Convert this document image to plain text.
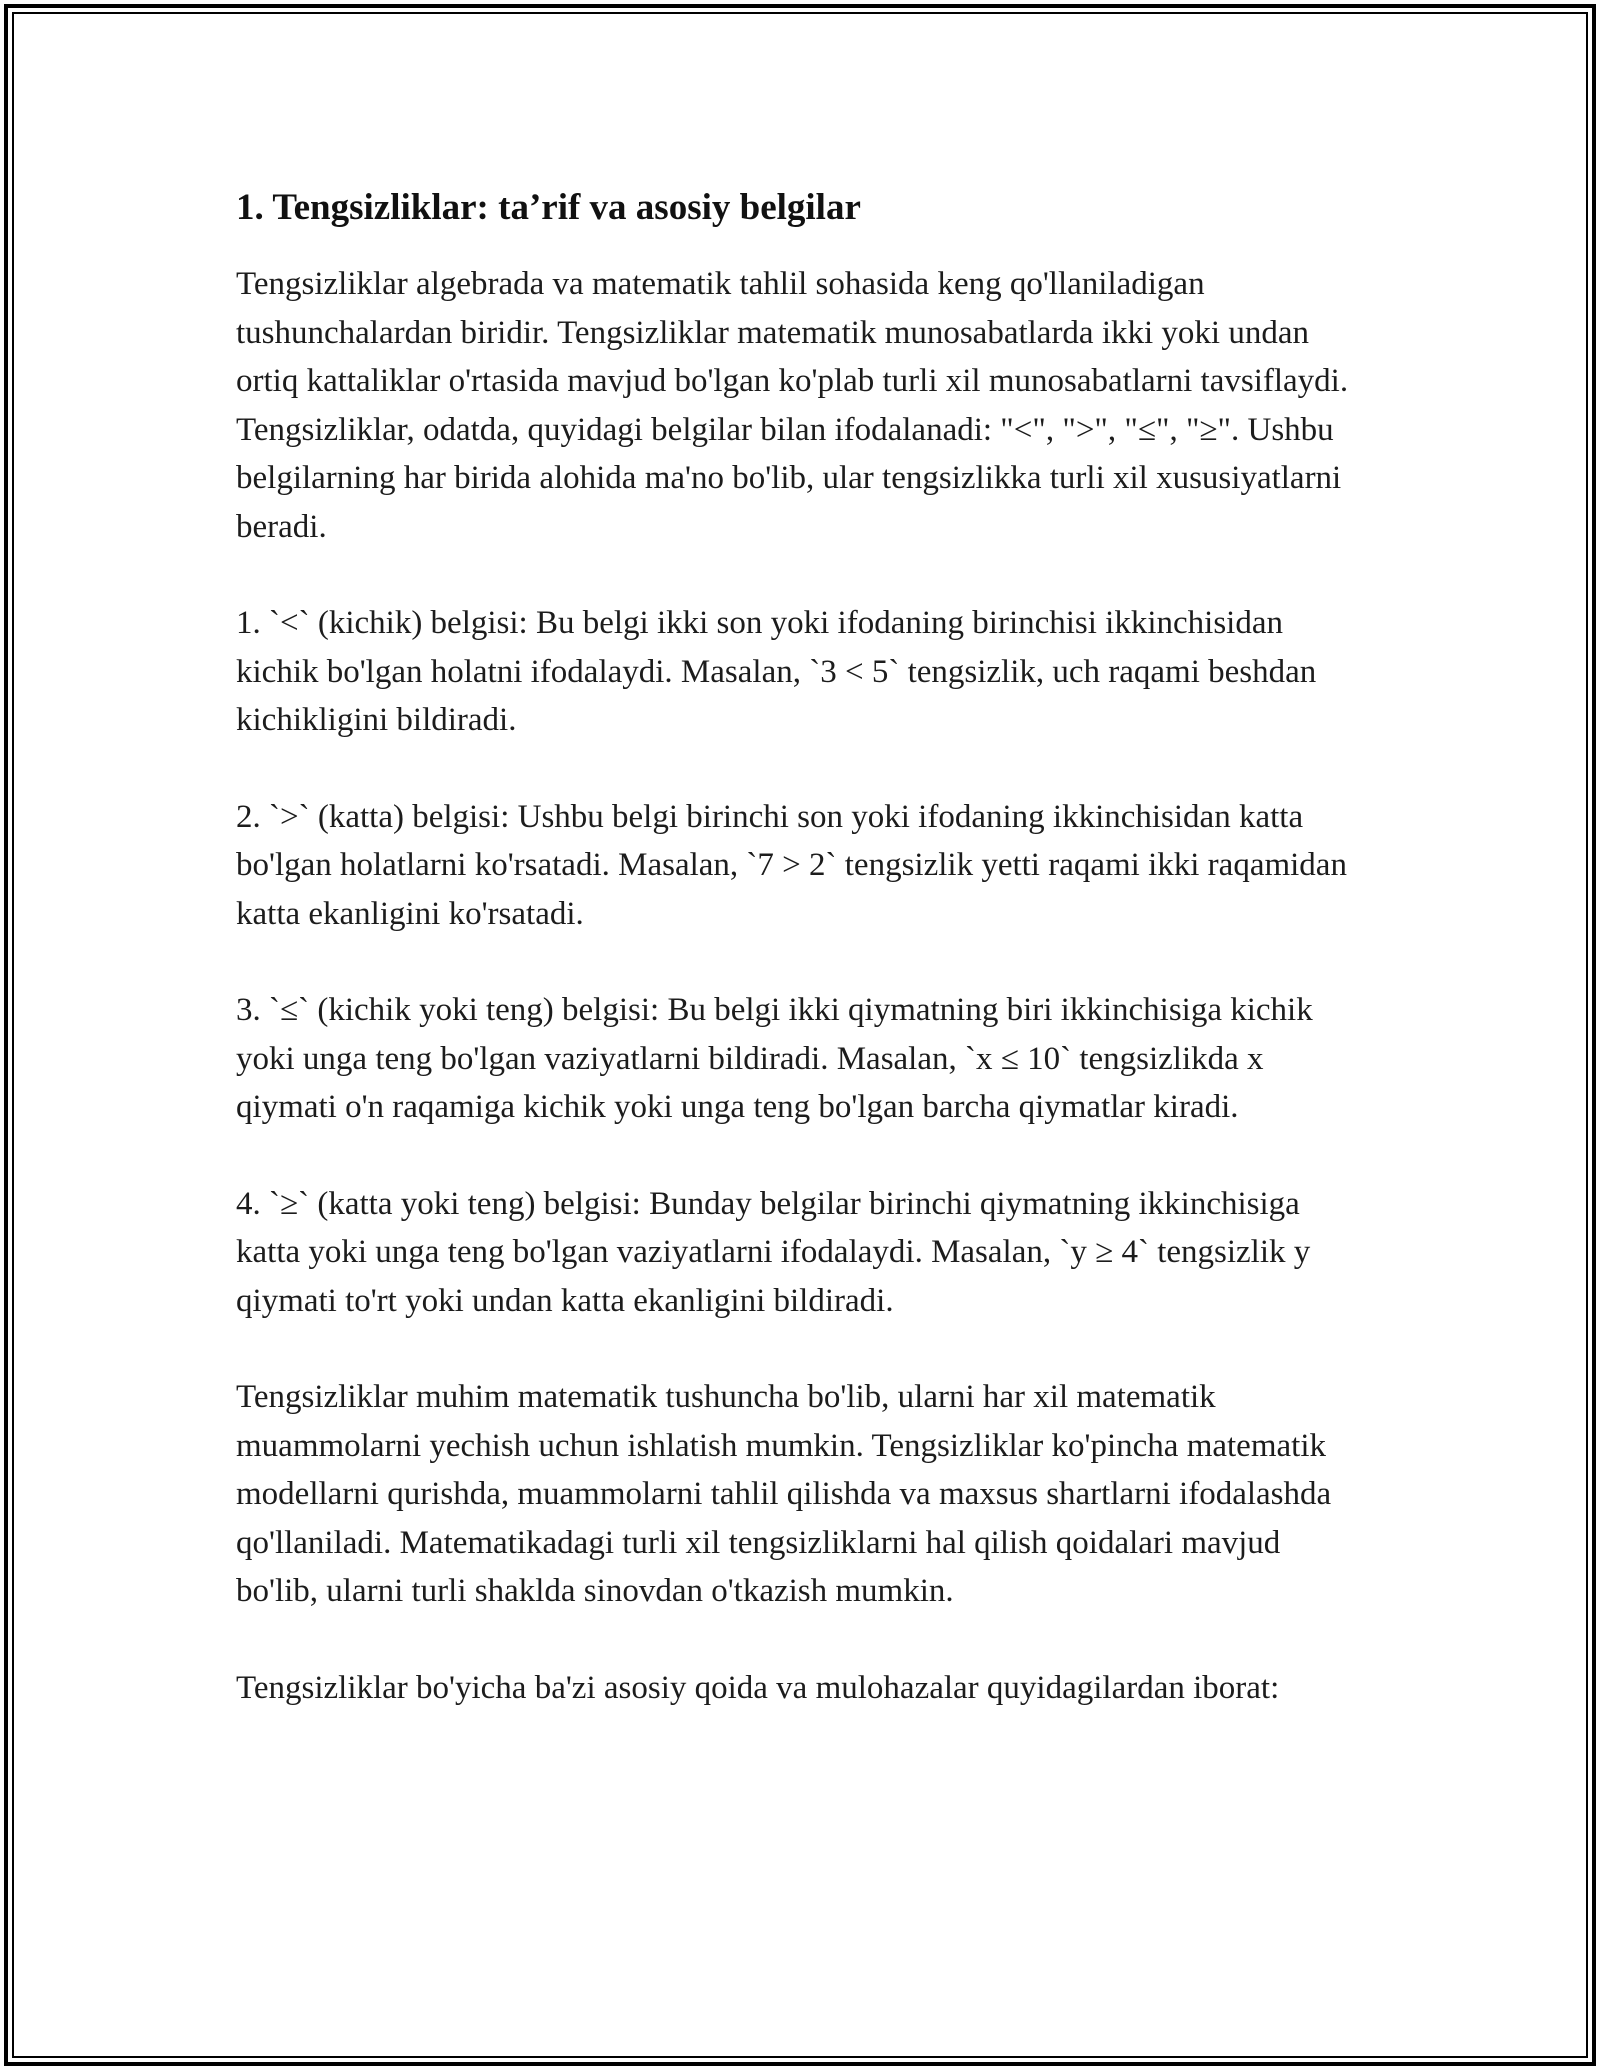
1. Tengsizliklar: ta’rif va asosiy belgilar

Tengsizliklar algebrada va matematik tahlil sohasida keng qo'llaniladigan tushunchalardan biridir. Tengsizliklar matematik munosabatlarda ikki yoki undan ortiq kattaliklar o'rtasida mavjud bo'lgan ko'plab turli xil munosabatlarni tavsiflaydi. Tengsizliklar, odatda, quyidagi belgilar bilan ifodalanadi: "<", ">", "≤", "≥". Ushbu belgilarning har birida alohida ma'no bo'lib, ular tengsizlikka turli xil xususiyatlarni beradi.

1. `<` (kichik) belgisi: Bu belgi ikki son yoki ifodaning birinchisi ikkinchisidan kichik bo'lgan holatni ifodalaydi. Masalan, `3 < 5` tengsizlik, uch raqami beshdan kichikligini bildiradi.

2. `>` (katta) belgisi: Ushbu belgi birinchi son yoki ifodaning ikkinchisidan katta bo'lgan holatlarni ko'rsatadi. Masalan, `7 > 2` tengsizlik yetti raqami ikki raqamidan katta ekanligini ko'rsatadi.

3. `≤` (kichik yoki teng) belgisi: Bu belgi ikki qiymatning biri ikkinchisiga kichik yoki unga teng bo'lgan vaziyatlarni bildiradi. Masalan, `x ≤ 10` tengsizlikda x qiymati o'n raqamiga kichik yoki unga teng bo'lgan barcha qiymatlar kiradi.

4. `≥` (katta yoki teng) belgisi: Bunday belgilar birinchi qiymatning ikkinchisiga katta yoki unga teng bo'lgan vaziyatlarni ifodalaydi. Masalan, `y ≥ 4` tengsizlik y qiymati to'rt yoki undan katta ekanligini bildiradi.

Tengsizliklar muhim matematik tushuncha bo'lib, ularni har xil matematik muammolarni yechish uchun ishlatish mumkin. Tengsizliklar ko'pincha matematik modellarni qurishda, muammolarni tahlil qilishda va maxsus shartlarni ifodalashda qo'llaniladi. Matematikadagi turli xil tengsizliklarni hal qilish qoidalari mavjud bo'lib, ularni turli shaklda sinovdan o'tkazish mumkin.

Tengsizliklar bo'yicha ba'zi asosiy qoida va mulohazalar quyidagilardan iborat:
